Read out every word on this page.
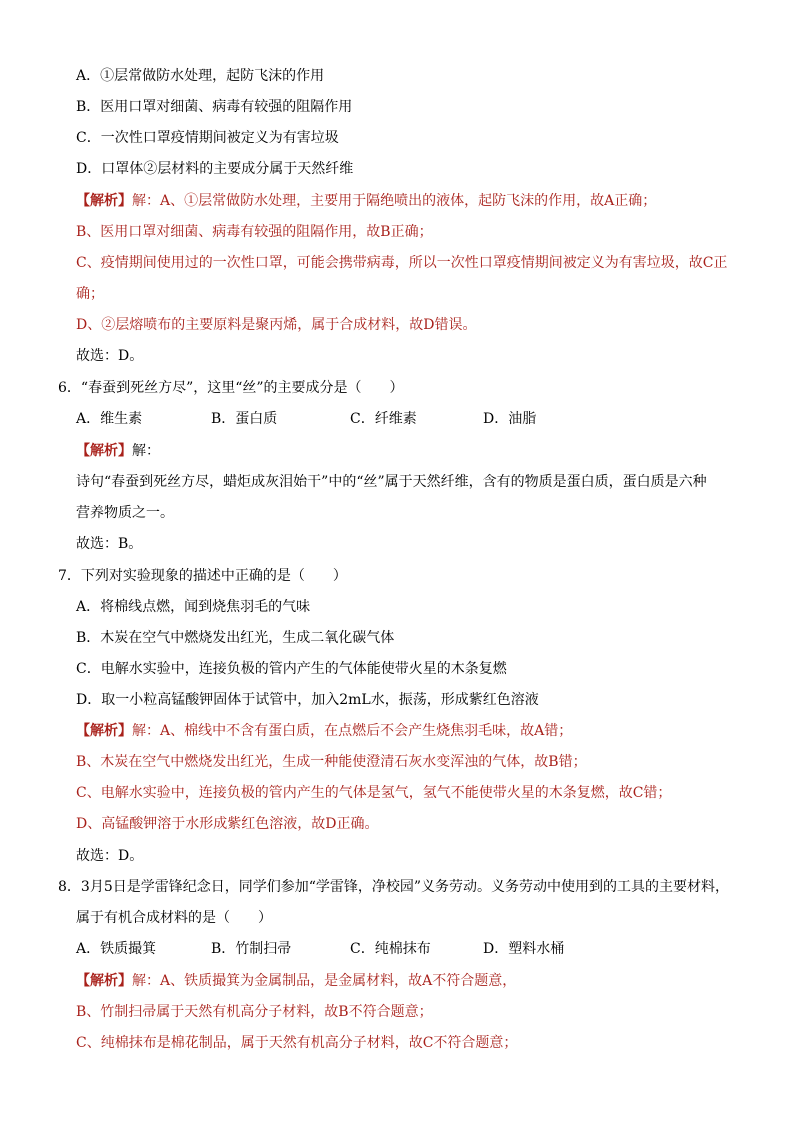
A．①层常做防水处理，起防飞沫的作用
B．医用口罩对细菌、病毒有较强的阻隔作用
C．一次性口罩疫情期间被定义为有害垃圾
D．口罩体②层材料的主要成分属于天然纤维
【解析】解：A、①层常做防水处理，主要用于隔绝喷出的液体，起防飞沫的作用，故A正确；
B、医用口罩对细菌、病毒有较强的阻隔作用，故B正确；
C、疫情期间使用过的一次性口罩，可能会携带病毒，所以一次性口罩疫情期间被定义为有害垃圾，故C正
确；
D、②层熔喷布的主要原料是聚丙烯，属于合成材料，故D错误。
故选：D。
6．“春蚕到死丝方尽”，这里“丝”的主要成分是（　　）
A．维生素	B．蛋白质	C．纤维素	D．油脂
【解析】解：
诗句“春蚕到死丝方尽，蜡炬成灰泪始干”中的“丝”属于天然纤维，含有的物质是蛋白质，蛋白质是六种
营养物质之一。
故选：B。
7．下列对实验现象的描述中正确的是（　　）
A．将棉线点燃，闻到烧焦羽毛的气味
B．木炭在空气中燃烧发出红光，生成二氧化碳气体
C．电解水实验中，连接负极的管内产生的气体能使带火星的木条复燃
D．取一小粒高锰酸钾固体于试管中，加入2mL水，振荡，形成紫红色溶液
【解析】解：A、棉线中不含有蛋白质，在点燃后不会产生烧焦羽毛味，故A错；
B、木炭在空气中燃烧发出红光，生成一种能使澄清石灰水变浑浊的气体，故B错；
C、电解水实验中，连接负极的管内产生的气体是氢气，氢气不能使带火星的木条复燃，故C错；
D、高锰酸钾溶于水形成紫红色溶液，故D正确。
故选：D。
8．3月5日是学雷锋纪念日，同学们参加“学雷锋，净校园”义务劳动。义务劳动中使用到的工具的主要材料，
属于有机合成材料的是（　　）
A．铁质撮箕	B．竹制扫帚	C．纯棉抹布	D．塑料水桶
【解析】解：A、铁质撮箕为金属制品，是金属材料，故A不符合题意，
B、竹制扫帚属于天然有机高分子材料，故B不符合题意；
C、纯棉抹布是棉花制品，属于天然有机高分子材料，故C不符合题意；
